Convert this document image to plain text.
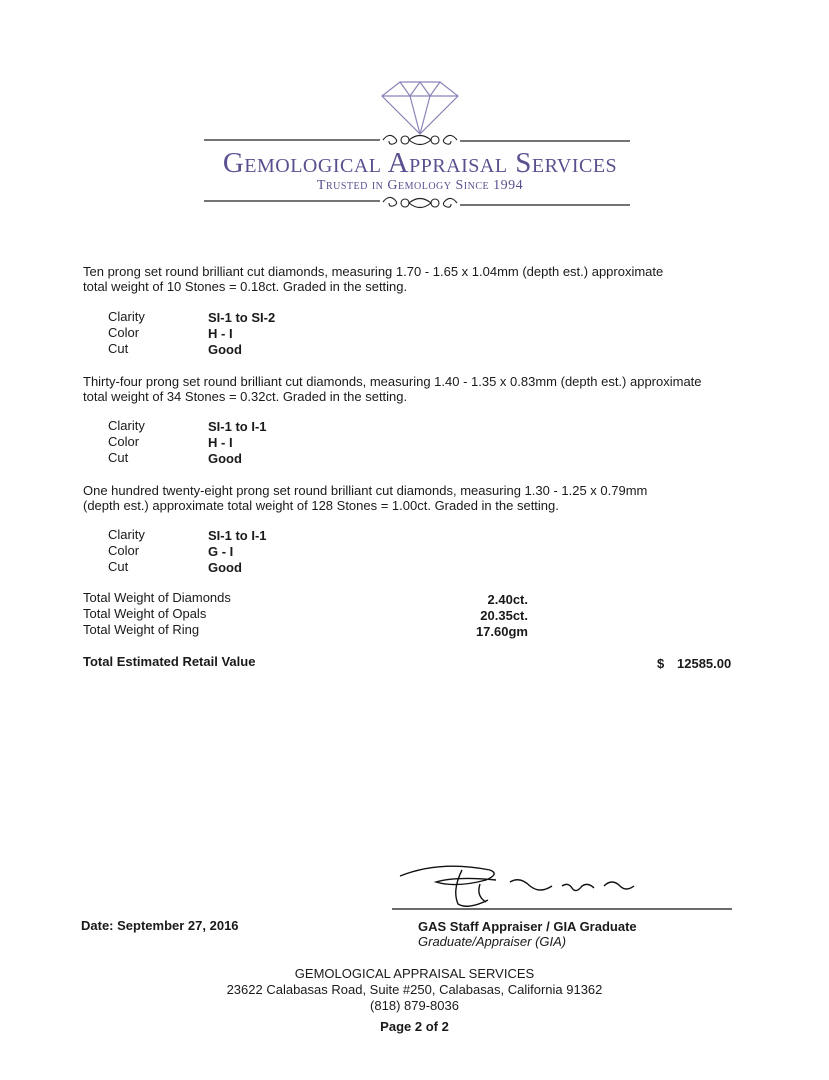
Gemological Appraisal Services
Trusted in Gemology Since 1994
Ten prong set round brilliant cut diamonds, measuring 1.70 - 1.65 x 1.04mm (depth est.) approximate
total weight of 10 Stones = 0.18ct. Graded in the setting.
Clarity	SI-1 to SI-2
Color	H - I
Cut	Good
Thirty-four prong set round brilliant cut diamonds, measuring 1.40 - 1.35 x 0.83mm (depth est.) approximate
total weight of 34 Stones = 0.32ct. Graded in the setting.
Clarity	SI-1 to I-1
Color	H - I
Cut	Good
One hundred twenty-eight prong set round brilliant cut diamonds, measuring 1.30 - 1.25 x 0.79mm
(depth est.) approximate total weight of 128 Stones = 1.00ct. Graded in the setting.
Clarity	SI-1 to I-1
Color	G - I
Cut	Good
Total Weight of Diamonds	2.40ct.
Total Weight of Opals	20.35ct.
Total Weight of Ring	17.60gm
Total Estimated Retail Value	$ 12585.00
Date: September 27, 2016	GAS Staff Appraiser / GIA Graduate
Graduate/Appraiser (GIA)
GEMOLOGICAL APPRAISAL SERVICES
23622 Calabasas Road, Suite #250, Calabasas, California 91362
(818) 879-8036
Page 2 of 2
